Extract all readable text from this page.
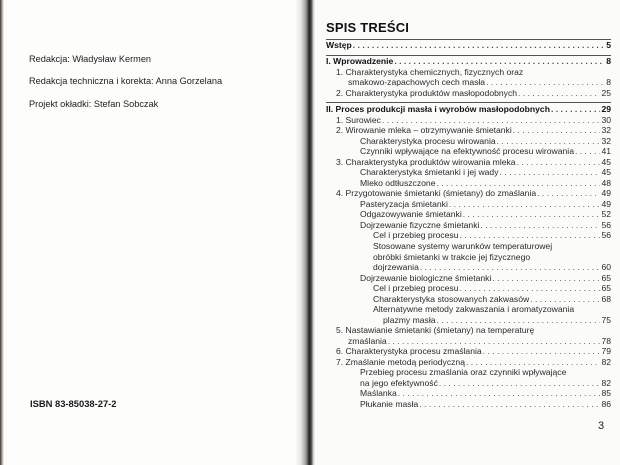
Redakcja: Władysław Kermen
Redakcja techniczna i korekta: Anna Gorzelana
Projekt okładki: Stefan Sobczak
ISBN 83-85038-27-2
SPIS TREŚCI
Wstęp . . .	5
I. Wprowadzenie . . .	8
1. Charakterystyka chemicznych, fizycznych oraz
smakowo-zapachowych cech masła . . .	8
2. Charakterystyka produktów masłopodobnych . . .	25
II. Proces produkcji masła i wyrobów masłopodobnych . . .	29
1. Surowiec . . .	30
2. Wirowanie mleka – otrzymywanie śmietanki . . .	32
Charakterystyka procesu wirowania . . .	32
Czynniki wpływające na efektywność procesu wirowania . . .	41
3. Charakterystyka produktów wirowania mleka . . .	45
Charakterystyka śmietanki i jej wady . . .	45
Mleko odtłuszczone . . .	48
4. Przygotowanie śmietanki (śmietany) do zmaślania . . .	49
Pasteryzacja śmietanki . . .	49
Odgazowywanie śmietanki . . .	52
Dojrzewanie fizyczne śmietanki . . .	56
Cel i przebieg procesu . . .	56
Stosowane systemy warunków temperaturowej
obróbki śmietanki w trakcie jej fizycznego
dojrzewania . . .	60
Dojrzewanie biologiczne śmietanki . . .	65
Cel i przebieg procesu . . .	65
Charakterystyka stosowanych zakwasów . . .	68
Alternatywne metody zakwaszania i aromatyzowania
plazmy masła . . .	75
5. Nastawianie śmietanki (śmietany) na temperaturę
zmaślania . . .	78
6. Charakterystyka procesu zmaślania . . .	79
7. Zmaślanie metodą periodyczną . . .	82
Przebieg procesu zmaślania oraz czynniki wpływające
na jego efektywność . . .	82
Maślanka . . .	85
Płukanie masła . . .	86
3
